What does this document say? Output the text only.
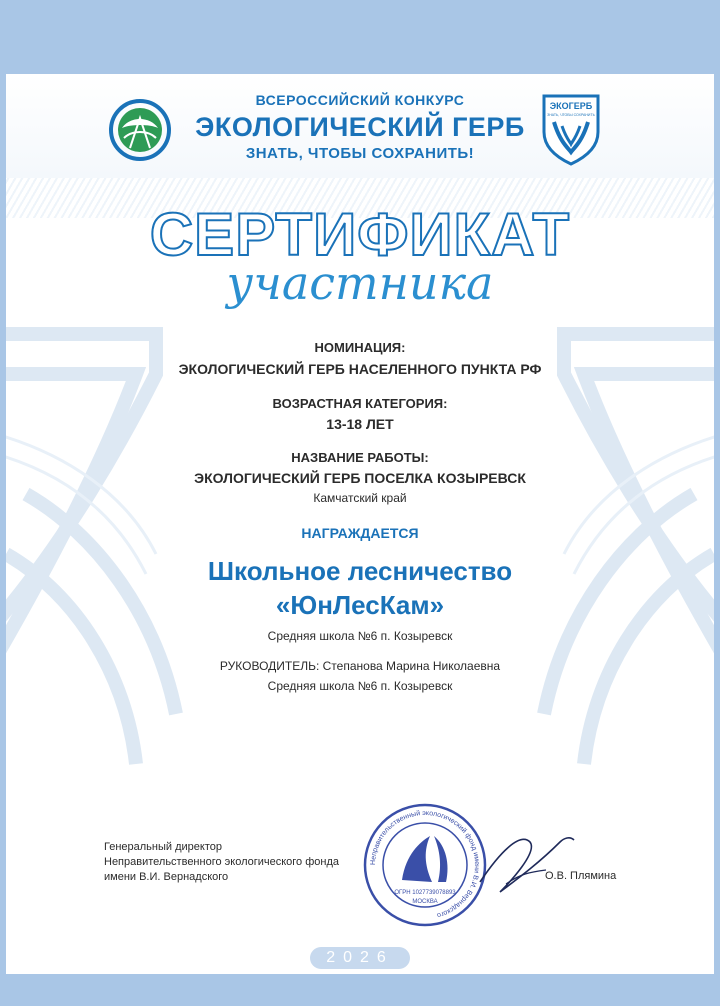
ВСЕРОССИЙСКИЙ КОНКУРС
ЭКОЛОГИЧЕСКИЙ ГЕРБ
ЗНАТЬ, ЧТОБЫ СОХРАНИТЬ!
ЭКОГЕРБ
ЗНАТЬ, ЧТОБЫ СОХРАНИТЬ
СЕРТИФИКАТ
участника
НОМИНАЦИЯ:
ЭКОЛОГИЧЕСКИЙ ГЕРБ НАСЕЛЕННОГО ПУНКТА РФ
ВОЗРАСТНАЯ КАТЕГОРИЯ:
13-18 ЛЕТ
НАЗВАНИЕ РАБОТЫ:
ЭКОЛОГИЧЕСКИЙ ГЕРБ ПОСЕЛКА КОЗЫРЕВСК
Камчатский край
НАГРАЖДАЕТСЯ
Школьное лесничество
«ЮнЛесКам»
Средняя школа №6 п. Козыревск
РУКОВОДИТЕЛЬ: Степанова Марина Николаевна
Средняя школа №6 п. Козыревск
Неправительственный экологический фонд имени В.И. Вернадского
ОГРН 1027739078893
МОСКВА
Генеральный директор
Неправительственного экологического фонда
имени В.И. Вернадского	О.В. Плямина
2026
